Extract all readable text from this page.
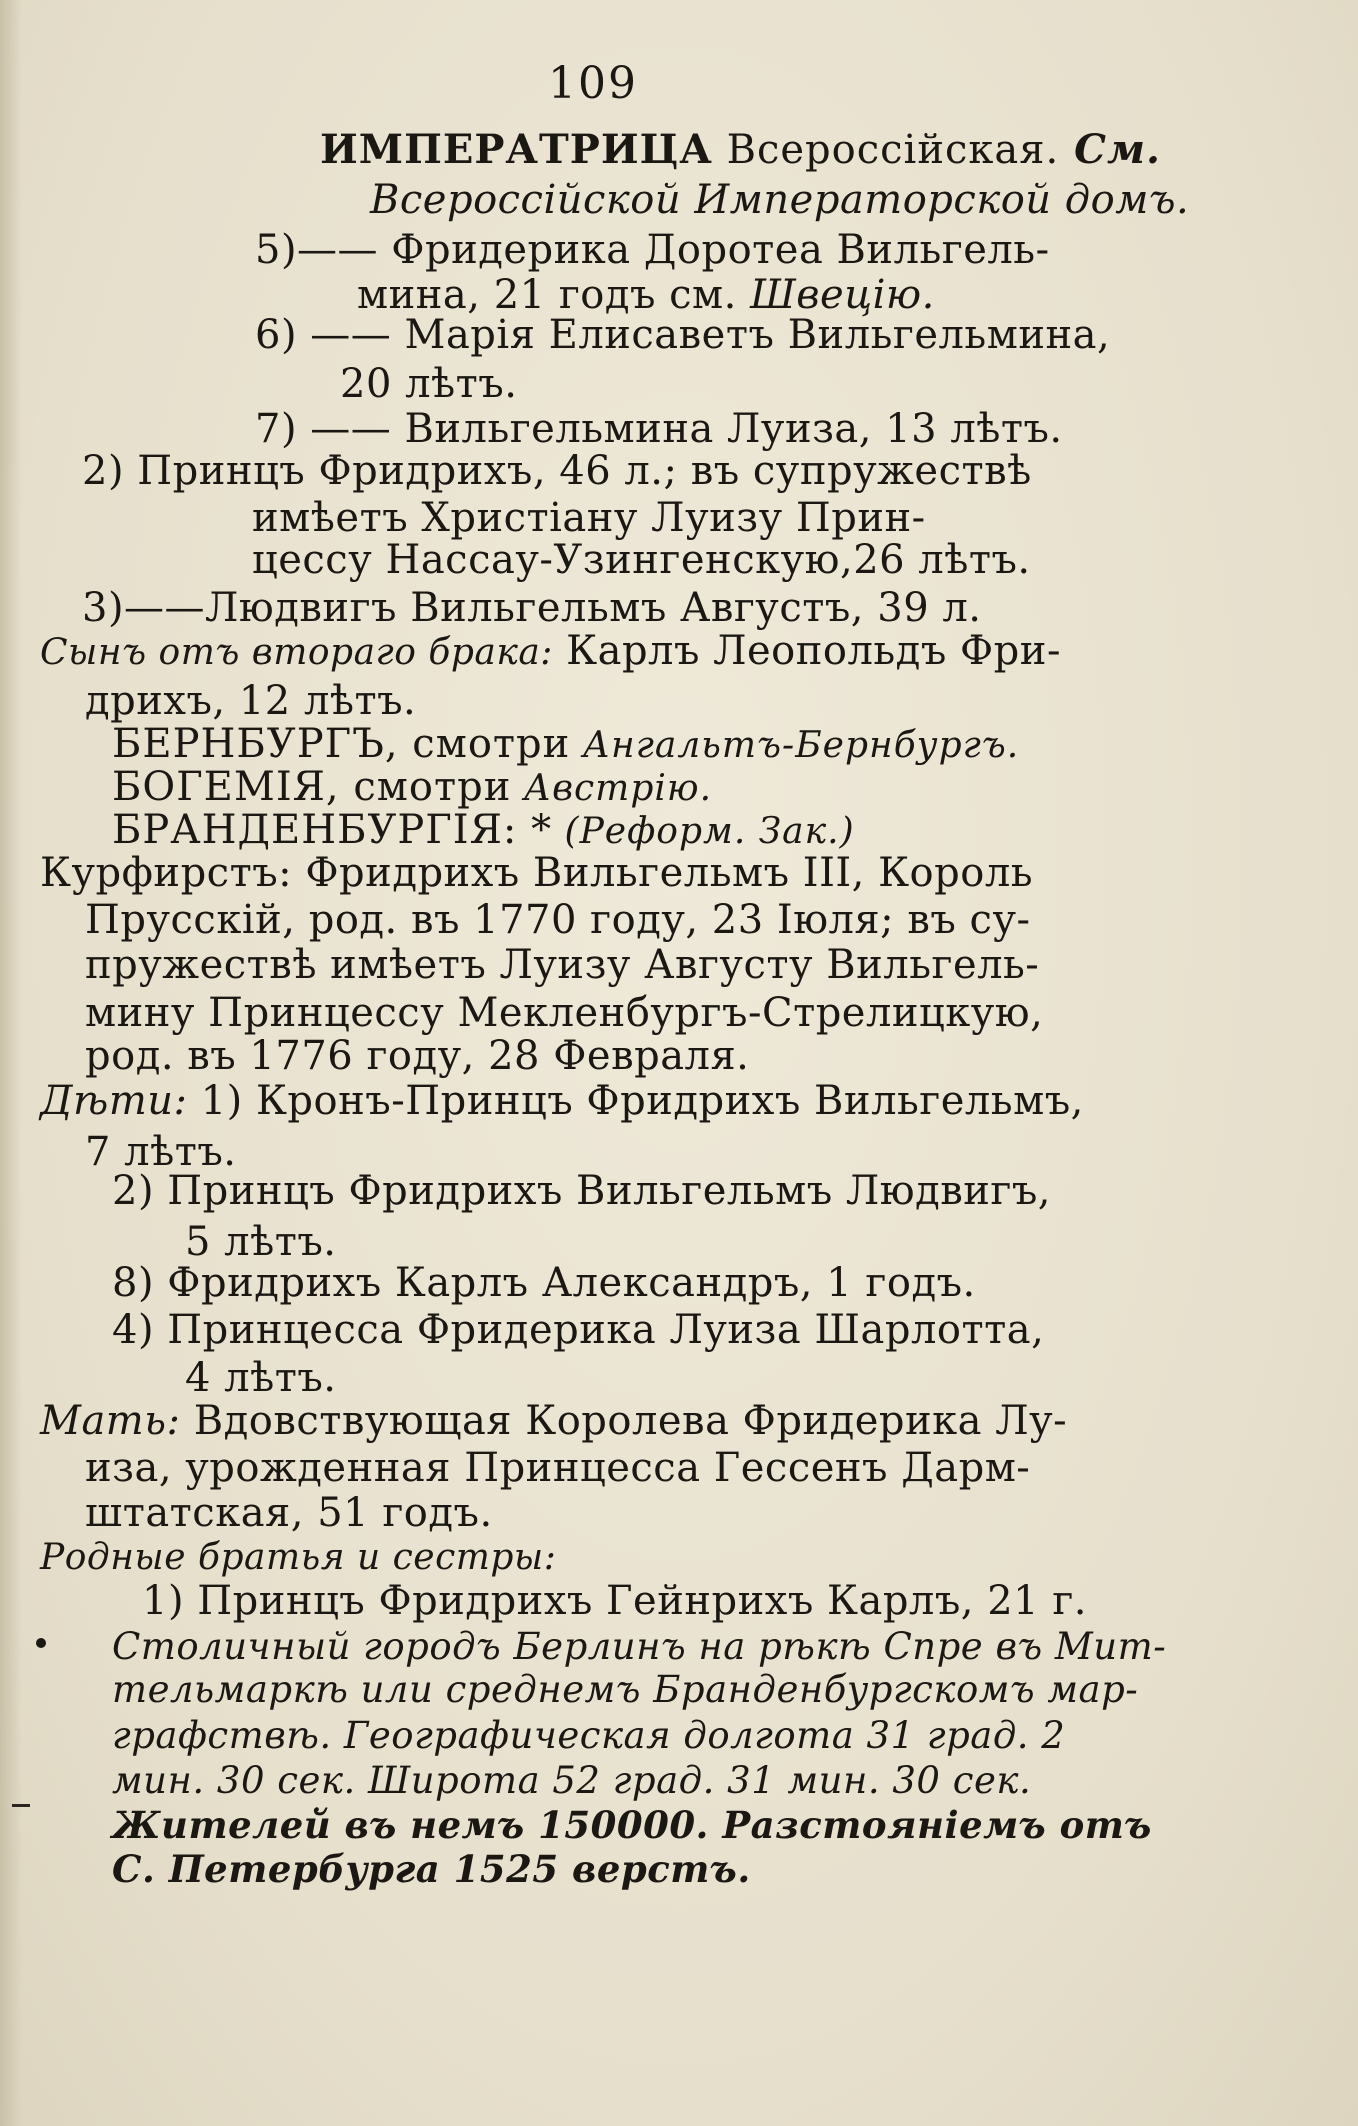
109
ИМПЕРАТРИЦА Всероссійская. См.
Всероссійской Императорской домъ.
5)—— Фридерика Доротеа Вильгель-
мина, 21 годъ см. Швецію.
6) —— Марія Елисаветъ Вильгельмина,
20 лѣтъ.
7) —— Вильгельмина Луиза, 13 лѣтъ.
2) Принцъ Фридрихъ, 46 л.; въ супружествѣ
имѣетъ Христіану Луизу Прин-
цессу Нассау-Узингенскую,26 лѣтъ.
3)——Людвигъ Вильгельмъ Августъ, 39 л.
Сынъ отъ втораго брака: Карлъ Леопольдъ Фри-
дрихъ, 12 лѣтъ.
БЕРНБУРГЪ, смотри Ангальтъ-Бернбургъ.
БОГЕМІЯ, смотри Австрію.
БРАНДЕНБУРГІЯ: * (Реформ. Зак.)
Курфирстъ: Фридрихъ Вильгельмъ III, Король
Прусскій, род. въ 1770 году, 23 Іюля; въ су-
пружествѣ имѣетъ Луизу Августу Вильгель-
мину Принцессу Мекленбургъ-Стрелицкую,
род. въ 1776 году, 28 Февраля.
Дѣти: 1) Кронъ-Принцъ Фридрихъ Вильгельмъ,
7 лѣтъ.
2) Принцъ Фридрихъ Вильгельмъ Людвигъ,
5 лѣтъ.
8) Фридрихъ Карлъ Александръ, 1 годъ.
4) Принцесса Фридерика Луиза Шарлотта,
4 лѣтъ.
Мать: Вдовствующая Королева Фридерика Лу-
иза, урожденная Принцесса Гессенъ Дарм-
штатская, 51 годъ.
Родные братья и сестры:
1) Принцъ Фридрихъ Гейнрихъ Карлъ, 21 г.
Столичный городъ Берлинъ на рѣкѣ Спре въ Мит-
тельмаркѣ или среднемъ Бранденбургскомъ мар-
графствѣ. Географическая долгота 31 град. 2
мин. 30 сек. Широта 52 град. 31 мин. 30 сек.
Жителей въ немъ 150000. Разстояніемъ отъ
С. Петербурга 1525 верстъ.
